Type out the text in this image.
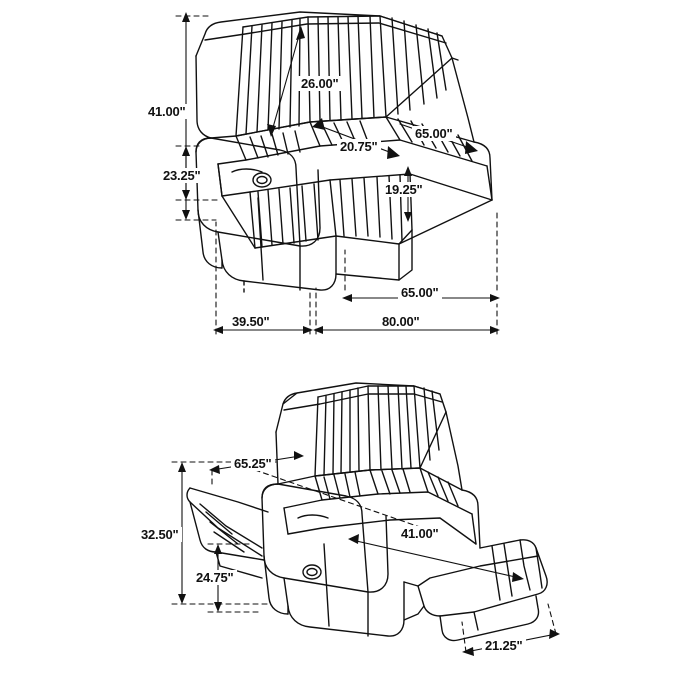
41.00"
26.00"
23.25"
20.75"
65.00"
19.25"
39.50"
65.00"
80.00"
65.25"
32.50"	41.00"
24.75"
21.25"
